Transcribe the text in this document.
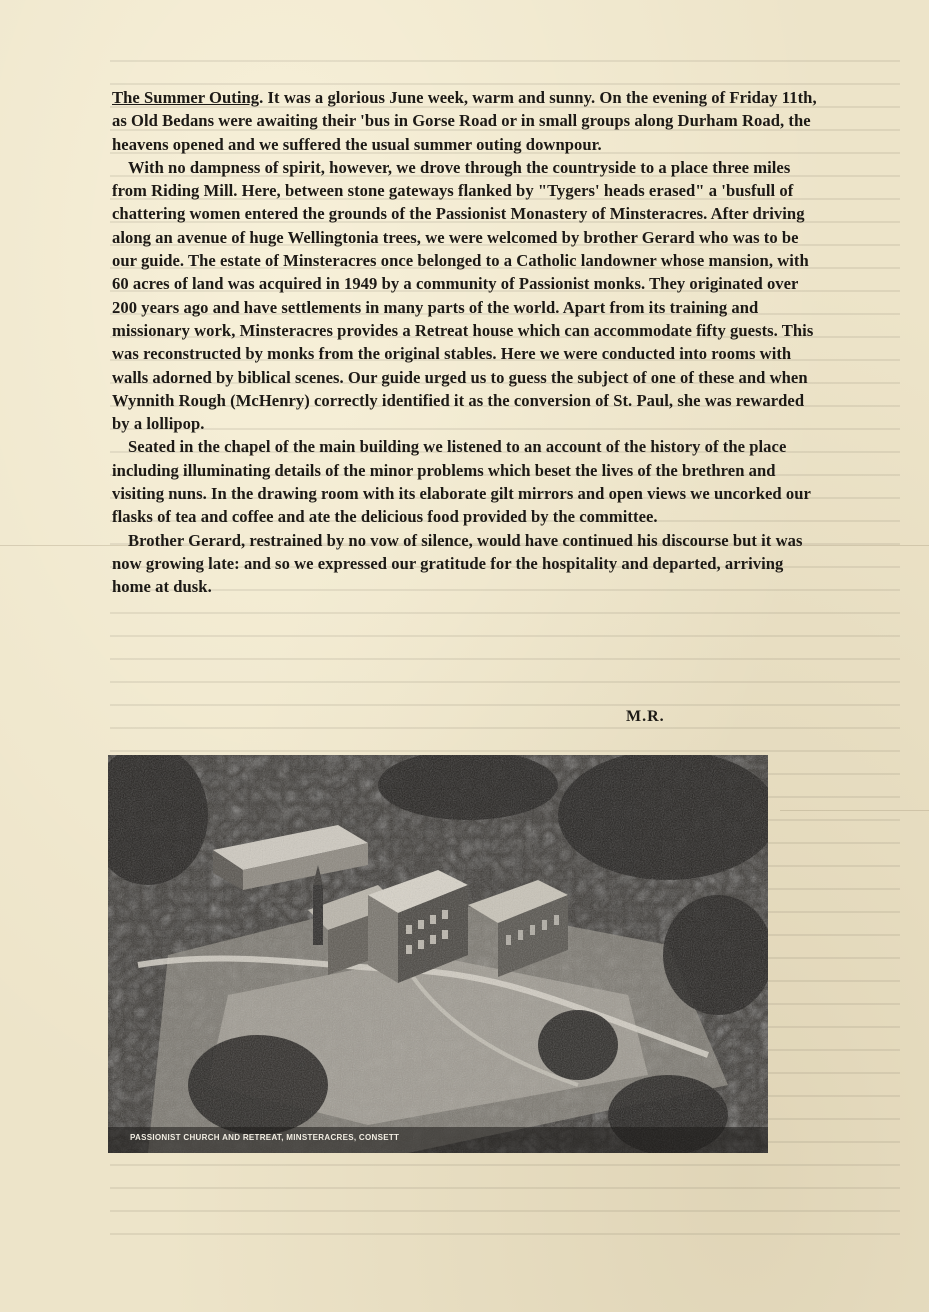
The Summer Outing. It was a glorious June week, warm and sunny. On the evening of Friday 11th, as Old Bedans were awaiting their 'bus in Gorse Road or in small groups along Durham Road, the heavens opened and we suffered the usual summer outing downpour.

With no dampness of spirit, however, we drove through the countryside to a place three miles from Riding Mill. Here, between stone gateways flanked by "Tygers' heads erased" a 'busfull of chattering women entered the grounds of the Passionist Monastery of Minsteracres. After driving along an avenue of huge Wellingtonia trees, we were welcomed by brother Gerard who was to be our guide. The estate of Minsteracres once belonged to a Catholic landowner whose mansion, with 60 acres of land was acquired in 1949 by a community of Passionist monks. They originated over 200 years ago and have settlements in many parts of the world. Apart from its training and missionary work, Minsteracres provides a Retreat house which can accommodate fifty guests. This was reconstructed by monks from the original stables. Here we were conducted into rooms with walls adorned by biblical scenes. Our guide urged us to guess the subject of one of these and when Wynnith Rough (McHenry) correctly identified it as the conversion of St. Paul, she was rewarded by a lollipop.

Seated in the chapel of the main building we listened to an account of the history of the place including illuminating details of the minor problems which beset the lives of the brethren and visiting nuns. In the drawing room with its elaborate gilt mirrors and open views we uncorked our flasks of tea and coffee and ate the delicious food provided by the committee.

Brother Gerard, restrained by no vow of silence, would have continued his discourse but it was now growing late: and so we expressed our gratitude for the hospitality and departed, arriving home at dusk.

M.R.
PASSIONIST CHURCH AND RETREAT, MINSTERACRES, CONSETT
